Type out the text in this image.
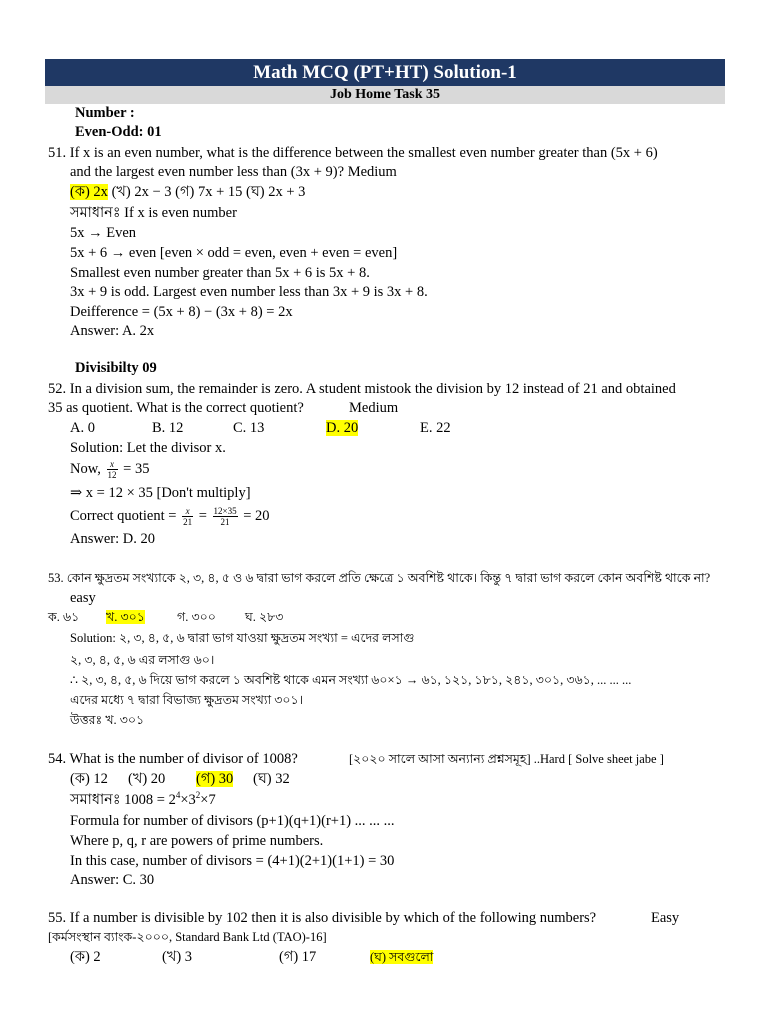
Math MCQ (PT+HT) Solution-1
Job Home Task 35
Number :
Even-Odd: 01
51. If x is an even number, what is the difference between the smallest even number greater than (5x + 6)
and the largest even number less than (3x + 9)? Medium
(ক) 2x (খ) 2x − 3 (গ) 7x + 15 (ঘ) 2x + 3
সমাধানঃ If x is even number
5x → Even
5x + 6 → even [even × odd = even, even + even = even]
Smallest even number greater than 5x + 6 is 5x + 8.
3x + 9 is odd. Largest even number less than 3x + 9 is 3x + 8.
Deifference = (5x + 8) − (3x + 8) = 2x
Answer: A. 2x
Divisibilty 09
52. In a division sum, the remainder is zero. A student mistook the division by 12 instead of 21 and obtained
35 as quotient. What is the correct quotient?	Medium
A. 0	B. 12	C. 13	D. 20	E. 22
Solution: Let the divisor x.
Now, $\frac{x}{12} = 35$
⇒ x = 12 × 35 [Don't multiply]
Correct quotient = $\frac{x}{21} = \frac{12\times 35}{21} = 20$
Answer: D. 20
53. কোন ক্ষুদ্রতম সংখ্যাকে ২, ৩, ৪, ৫ ও ৬ দ্বারা ভাগ করলে প্রতি ক্ষেত্রে ১ অবশিষ্ট থাকে। কিন্তু ৭ দ্বারা ভাগ করলে কোন অবশিষ্ট থাকে না?
easy
ক. ৬১ খ. ৩০১	গ. ৩০০ ঘ. ২৮৩
Solution: ২, ৩, ৪, ৫, ৬ দ্বারা ভাগ যাওয়া ক্ষুদ্রতম সংখ্যা = এদের লসাগু
২, ৩, ৪, ৫, ৬ এর লসাগু ৬০।
∴ ২, ৩, ৪, ৫, ৬ দিয়ে ভাগ করলে ১ অবশিষ্ট থাকে এমন সংখ্যা ৬০×১ → ৬১, ১২১, ১৮১, ২৪১, ৩০১, ৩৬১, ... ... ...
এদের মধ্যে ৭ দ্বারা বিভাজ্য ক্ষুদ্রতম সংখ্যা ৩০১।
উত্তরঃ খ. ৩০১
54. What is the number of divisor of 1008?	[২০২০ সালে আসা অন্যান্য প্রশ্নসমূহ] ..Hard [ Solve sheet jabe ]
(ক) 12 (খ) 20 (গ) 30 (ঘ) 32
সমাধানঃ $1008 = 2^4\times 3^2\times 7$
Formula for number of divisors (p+1)(q+1)(r+1) ... ... ...
Where p, q, r are powers of prime numbers.
In this case, number of divisors = (4+1)(2+1)(1+1) = 30
Answer: C. 30
55. If a number is divisible by 102 then it is also divisible by which of the following numbers?	Easy
[কর্মসংস্থান ব্যাংক-২০০০, Standard Bank Ltd (TAO)-16]
(ক) 2	(খ) 3	(গ) 17	(ঘ) সবগুলো
